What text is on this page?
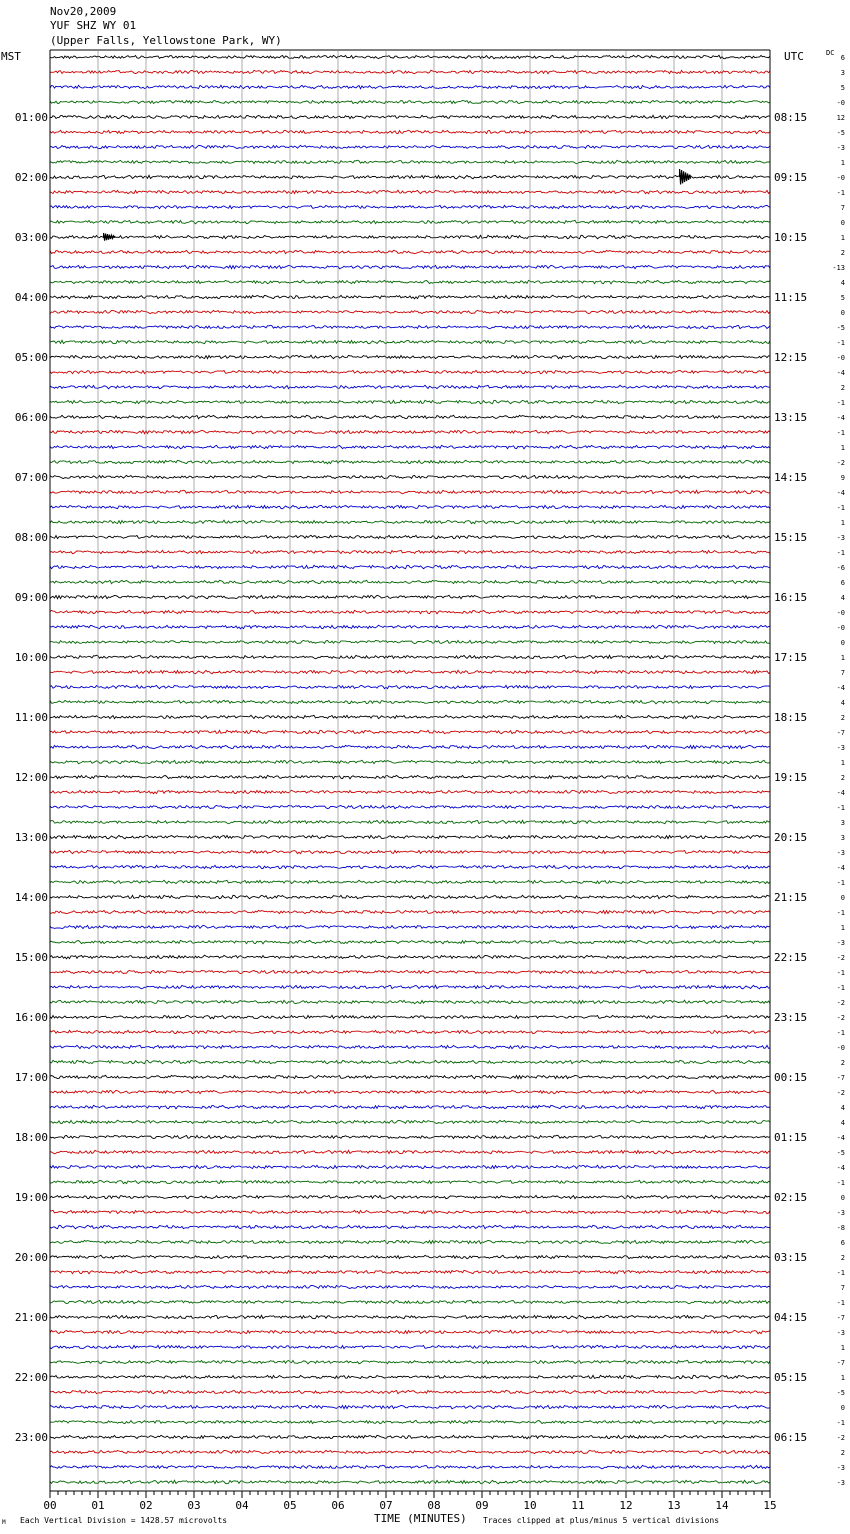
Nov20,2009
YUF SHZ WY 01
(Upper Falls, Yellowstone Park, WY)
MST	UTC	DC
00	01	02	03	04	05	06	07	08	09	10	11	12	13	14	15
01:00
02:00
03:00
04:00
05:00
06:00
07:00
08:00
09:00
10:00
11:00
12:00
13:00
14:00
15:00
16:00
17:00
18:00
19:00
20:00
21:00
22:00
23:00
08:15
09:15
10:15
11:15
12:15
13:15
14:15
15:15
16:15
17:15
18:15
19:15
20:15
21:15
22:15
23:15
00:15
01:15
02:15
03:15
04:15
05:15
06:15
6
3
5
-0
12
-5
-3
1
-0
-1
7
0
1
2
-13
4
5
0
-5
-1
-0
-4
2
-1
-4
-1
1
-2
9
-4
-1
1
-3
-1
-6
6
4
-0
-0
0
1
7
-4
4
2
-7
-3
1
2
-4
-1
3
3
-3
-4
-1
0
-1
1
-3
-2
-1
-1
-2
-2
-1
-0
2
-7
-2
4
4
-4
-5
-4
-1
0
-3
-8
6
2
-1
7
-1
-7
-3
1
-7
1
-5
0
-1
-2
2
-3
-3
TIME (MINUTES)
M Each Vertical Division = 1428.57 microvolts	Traces clipped at plus/minus 5 vertical divisions
